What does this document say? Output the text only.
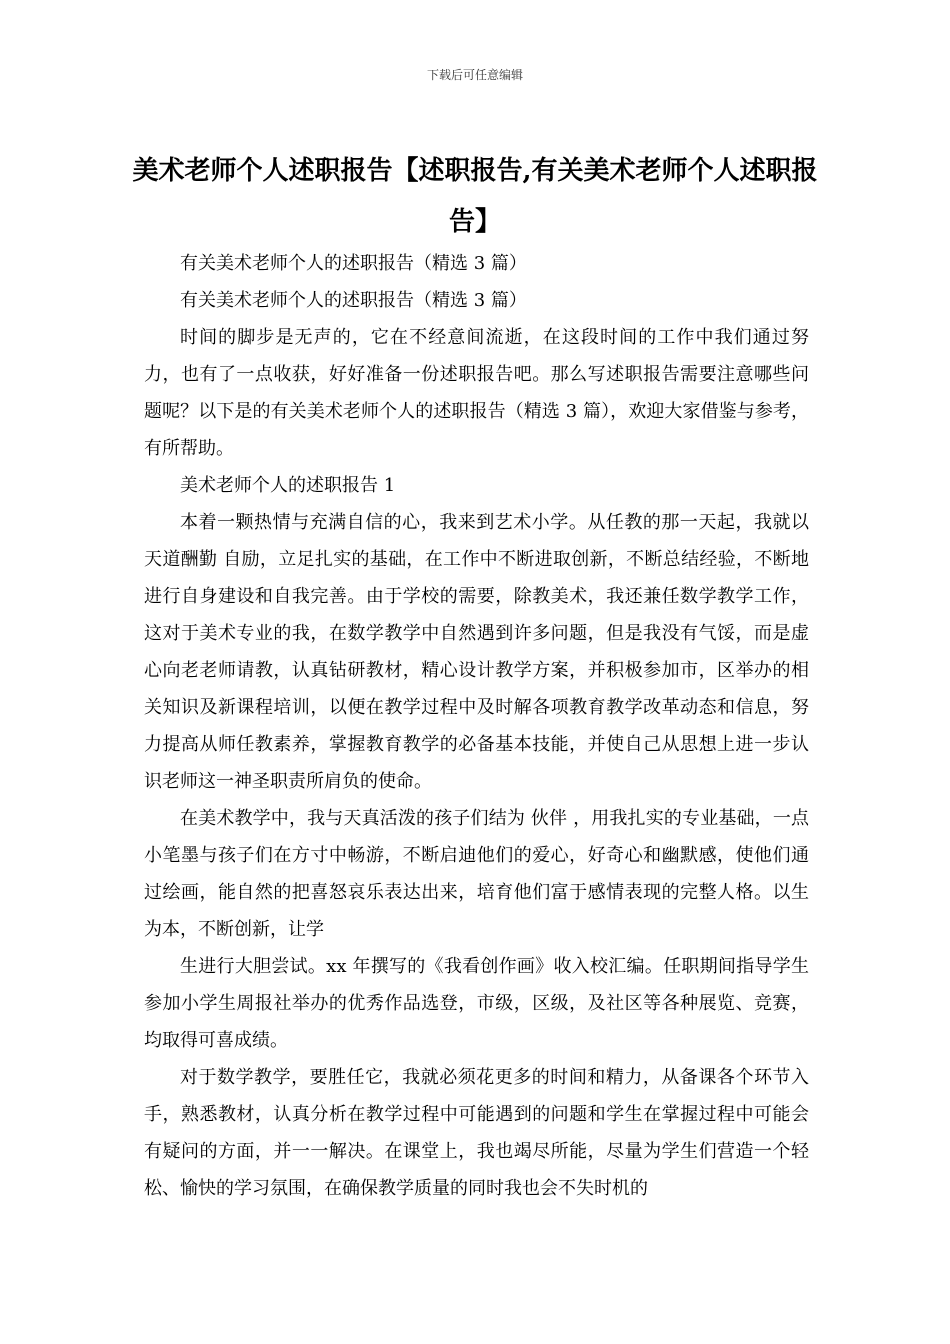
下载后可任意编辑
美术老师个人述职报告【述职报告,有关美术老师个人述职报告】

有关美术老师个人的述职报告（精选 3 篇）

有关美术老师个人的述职报告（精选 3 篇）

时间的脚步是无声的，它在不经意间流逝，在这段时间的工作中我们通过努力，也有了一点收获，好好准备一份述职报告吧。那么写述职报告需要注意哪些问题呢？以下是的有关美术老师个人的述职报告（精选 3 篇），欢迎大家借鉴与参考，有所帮助。

美术老师个人的述职报告 1

本着一颗热情与充满自信的心，我来到艺术小学。从任教的那一天起，我就以 天道酬勤 自励，立足扎实的基础，在工作中不断进取创新，不断总结经验，不断地进行自身建设和自我完善。由于学校的需要，除教美术，我还兼任数学教学工作，这对于美术专业的我，在数学教学中自然遇到许多问题，但是我没有气馁，而是虚心向老老师请教，认真钻研教材，精心设计教学方案，并积极参加市，区举办的相关知识及新课程培训，以便在教学过程中及时解各项教育教学改革动态和信息，努力提高从师任教素养，掌握教育教学的必备基本技能，并使自己从思想上进一步认识老师这一神圣职责所肩负的使命。

在美术教学中，我与天真活泼的孩子们结为 伙伴 ，用我扎实的专业基础，一点小笔墨与孩子们在方寸中畅游，不断启迪他们的爱心，好奇心和幽默感，使他们通过绘画，能自然的把喜怒哀乐表达出来，培育他们富于感情表现的完整人格。以生为本，不断创新，让学

生进行大胆尝试。xx 年撰写的《我看创作画》收入校汇编。任职期间指导学生参加小学生周报社举办的优秀作品选登，市级，区级，及社区等各种展览、竞赛，均取得可喜成绩。

对于数学教学，要胜任它，我就必须花更多的时间和精力，从备课各个环节入手，熟悉教材，认真分析在教学过程中可能遇到的问题和学生在掌握过程中可能会有疑问的方面，并一一解决。在课堂上，我也竭尽所能，尽量为学生们营造一个轻松、愉快的学习氛围，在确保教学质量的同时我也会不失时机的
